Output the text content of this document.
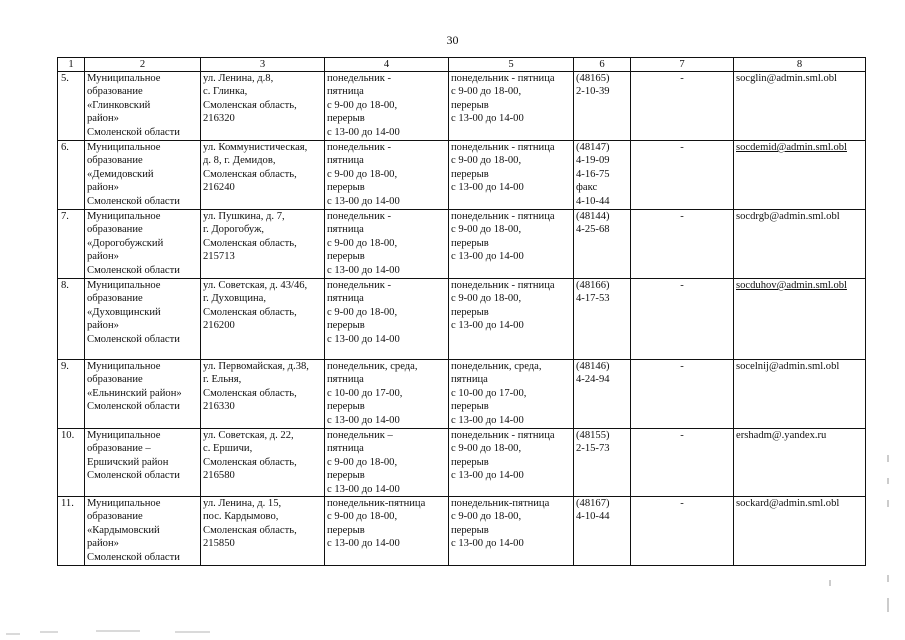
30
1	2	3	4	5	6	7	8
5.	Муниципальное
образование
«Глинковский
район»
Смоленской области	ул. Ленина, д.8,
с. Глинка,
Смоленская область,
216320	понедельник -
пятница
с 9-00 до 18-00,
перерыв
с 13-00 до 14-00	понедельник - пятница
с 9-00 до 18-00,
перерыв
с 13-00 до 14-00	(48165)
2-10-39	-	socglin@admin.sml.obl
6.	Муниципальное
образование
«Демидовский
район»
Смоленской области	ул. Коммунистическая,
д. 8, г. Демидов,
Смоленская область,
216240	понедельник -
пятница
с 9-00 до 18-00,
перерыв
с 13-00 до 14-00	понедельник - пятница
с 9-00 до 18-00,
перерыв
с 13-00 до 14-00	(48147)
4-19-09
4-16-75
факс
4-10-44	-	socdemid@admin.sml.obl
7.	Муниципальное
образование
«Дорогобужский
район»
Смоленской области	ул. Пушкина, д. 7,
г. Дорогобуж,
Смоленская область,
215713	понедельник -
пятница
с 9-00 до 18-00,
перерыв
с 13-00 до 14-00	понедельник - пятница
с 9-00 до 18-00,
перерыв
с 13-00 до 14-00	(48144)
4-25-68	-	socdrgb@admin.sml.obl
8.	Муниципальное
образование
«Духовщинский
район»
Смоленской области	ул. Советская, д. 43/46,
г. Духовщина,
Смоленская область,
216200	понедельник -
пятница
с 9-00 до 18-00,
перерыв
с 13-00 до 14-00	понедельник - пятница
с 9-00 до 18-00,
перерыв
с 13-00 до 14-00	(48166)
4-17-53	-	socduhov@admin.sml.obl
9.	Муниципальное
образование
«Ельнинский район»
Смоленской области	ул. Первомайская, д.38,
г. Ельня,
Смоленская область,
216330	понедельник, среда,
пятница
с 10-00 до 17-00,
перерыв
с 13-00 до 14-00	понедельник, среда,
пятница
с 10-00 до 17-00,
перерыв
с 13-00 до 14-00	(48146)
4-24-94	-	socelnij@admin.sml.obl
10.	Муниципальное
образование –
Ершичский район
Смоленской области	ул. Советская, д. 22,
с. Ершичи,
Смоленская область,
216580	понедельник –
пятница
с 9-00 до 18-00,
перерыв
с 13-00 до 14-00	понедельник - пятница
с 9-00 до 18-00,
перерыв
с 13-00 до 14-00	(48155)
2-15-73	-	ershadm@.yandex.ru
11.	Муниципальное
образование
«Кардымовский
район»
Смоленской области	ул. Ленина, д. 15,
пос. Кардымово,
Смоленская область,
215850	понедельник-пятница
с 9-00 до 18-00,
перерыв
с 13-00 до 14-00	понедельник-пятница
с 9-00 до 18-00,
перерыв
с 13-00 до 14-00	(48167)
4-10-44	-	sockard@admin.sml.obl
